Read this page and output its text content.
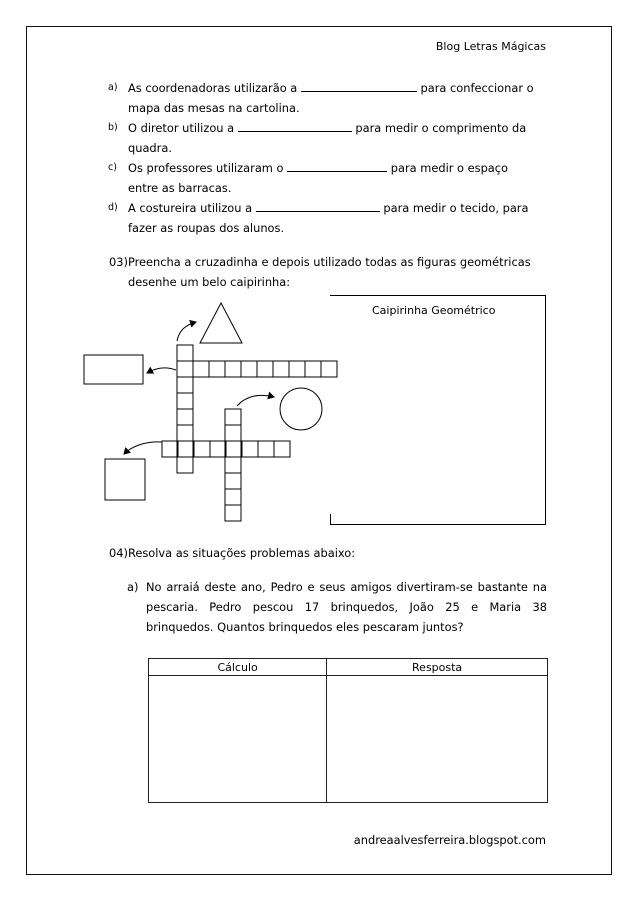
Blog Letras Mágicas
a) As coordenadoras utilizarão a	para confeccionar o
mapa das mesas na cartolina.
b) O diretor utilizou a	para medir o comprimento da
quadra.
c) Os professores utilizaram o	para medir o espaço
entre as barracas.
d) A costureira utilizou a	para medir o tecido, para
fazer as roupas dos alunos.
03)Preencha a cruzadinha e depois utilizado todas as figuras geométricas
desenhe um belo caipirinha:
Caipirinha Geométrico
04)Resolva as situações problemas abaixo:
a) No arraiá deste ano, Pedro e seus amigos divertiram-se bastante na pescaria. Pedro pescou 17 brinquedos, João 25 e Maria 38 brinquedos. Quantos brinquedos eles pescaram juntos?
Cálculo	Resposta

andreaalvesferreira.blogspot.com
